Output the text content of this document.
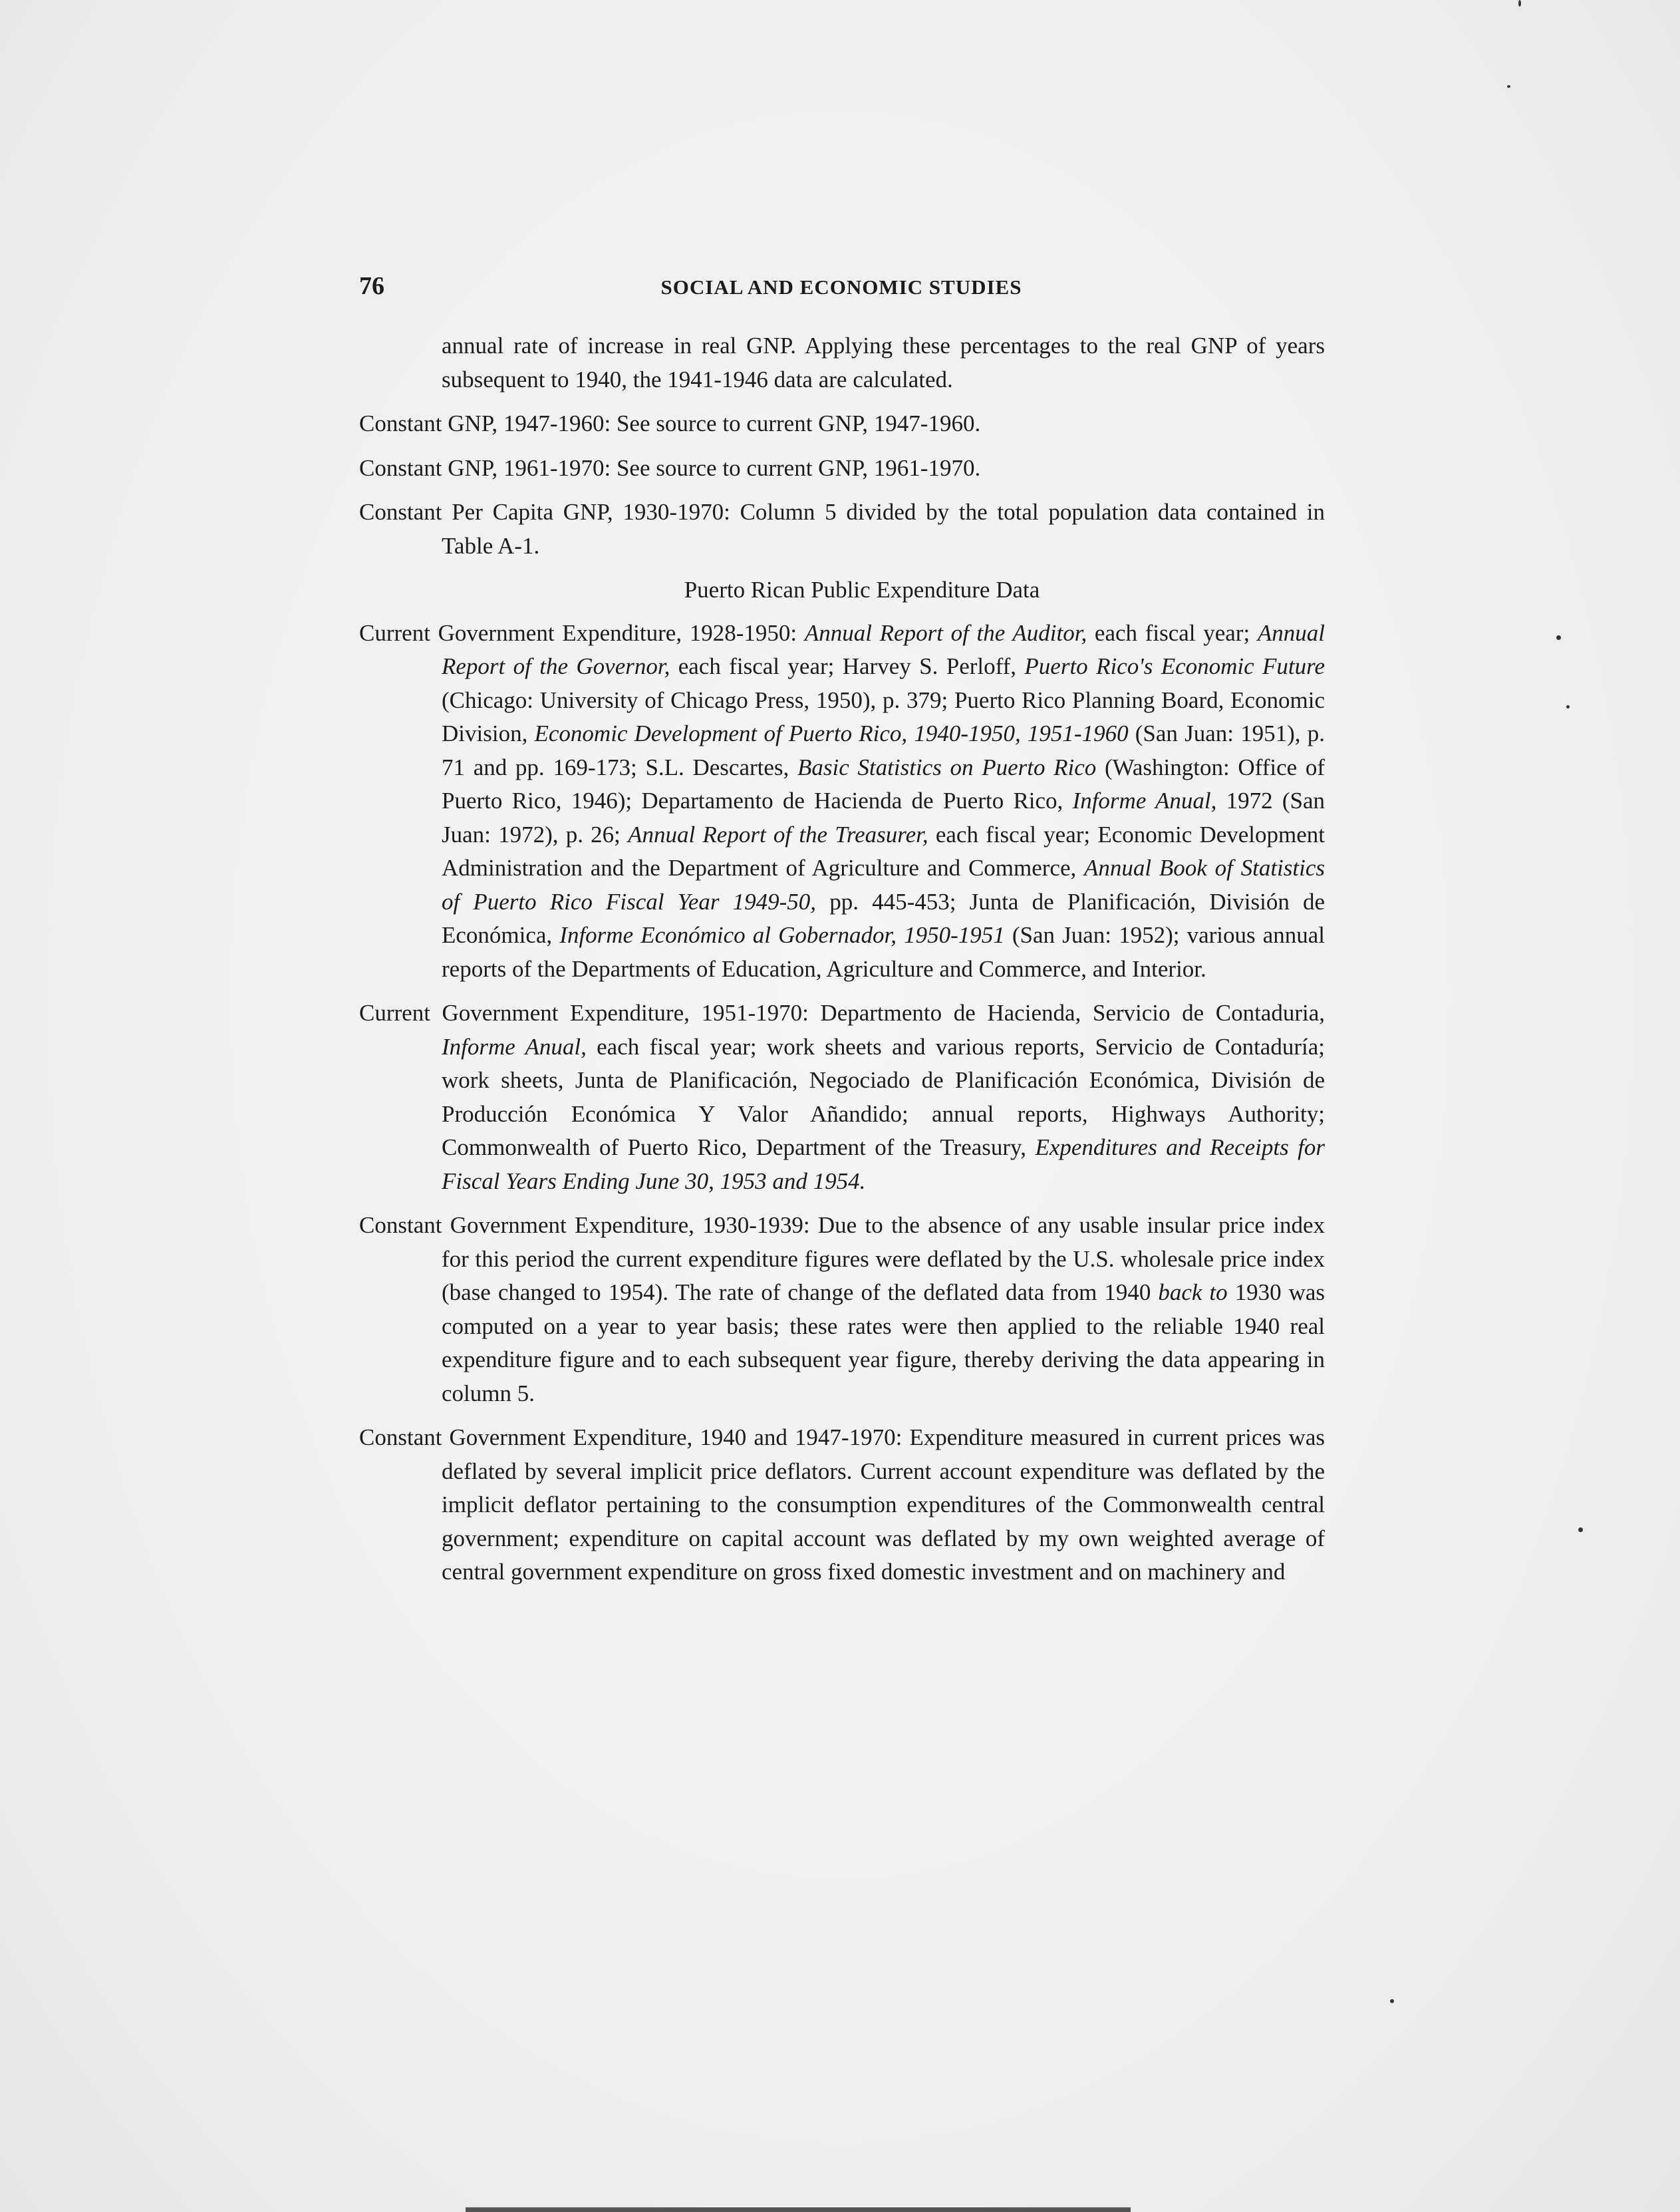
76	SOCIAL AND ECONOMIC STUDIES

annual rate of increase in real GNP. Applying these percentages to the real GNP of years subsequent to 1940, the 1941-1946 data are calculated.

Constant GNP, 1947-1960: See source to current GNP, 1947-1960.

Constant GNP, 1961-1970: See source to current GNP, 1961-1970.

Constant Per Capita GNP, 1930-1970: Column 5 divided by the total population data contained in Table A-1.

Puerto Rican Public Expenditure Data

Current Government Expenditure, 1928-1950: Annual Report of the Auditor, each fiscal year; Annual Report of the Governor, each fiscal year; Harvey S. Perloff, Puerto Rico's Economic Future (Chicago: University of Chicago Press, 1950), p. 379; Puerto Rico Planning Board, Economic Division, Economic Development of Puerto Rico, 1940-1950, 1951-1960 (San Juan: 1951), p. 71 and pp. 169-173; S.L. Descartes, Basic Statistics on Puerto Rico (Washington: Office of Puerto Rico, 1946); Departamento de Hacienda de Puerto Rico, Informe Anual, 1972 (San Juan: 1972), p. 26; Annual Report of the Treasurer, each fiscal year; Economic Development Administration and the Department of Agriculture and Commerce, Annual Book of Statistics of Puerto Rico Fiscal Year 1949-50, pp. 445-453; Junta de Planificación, División de Económica, Informe Económico al Gobernador, 1950-1951 (San Juan: 1952); various annual reports of the Departments of Education, Agriculture and Commerce, and Interior.

Current Government Expenditure, 1951-1970: Departmento de Hacienda, Servicio de Contaduria, Informe Anual, each fiscal year; work sheets and various reports, Servicio de Contaduría; work sheets, Junta de Planificación, Negociado de Planificación Económica, División de Producción Económica Y Valor Añandido; annual reports, Highways Authority; Commonwealth of Puerto Rico, Department of the Treasury, Expenditures and Receipts for Fiscal Years Ending June 30, 1953 and 1954.

Constant Government Expenditure, 1930-1939: Due to the absence of any usable insular price index for this period the current expenditure figures were deflated by the U.S. wholesale price index (base changed to 1954). The rate of change of the deflated data from 1940 back to 1930 was computed on a year to year basis; these rates were then applied to the reliable 1940 real expenditure figure and to each subsequent year figure, thereby deriving the data appearing in column 5.

Constant Government Expenditure, 1940 and 1947-1970: Expenditure measured in current prices was deflated by several implicit price deflators. Current account expenditure was deflated by the implicit deflator pertaining to the consumption expenditures of the Commonwealth central government; expenditure on capital account was deflated by my own weighted average of central government expenditure on gross fixed domestic investment and on machinery and
